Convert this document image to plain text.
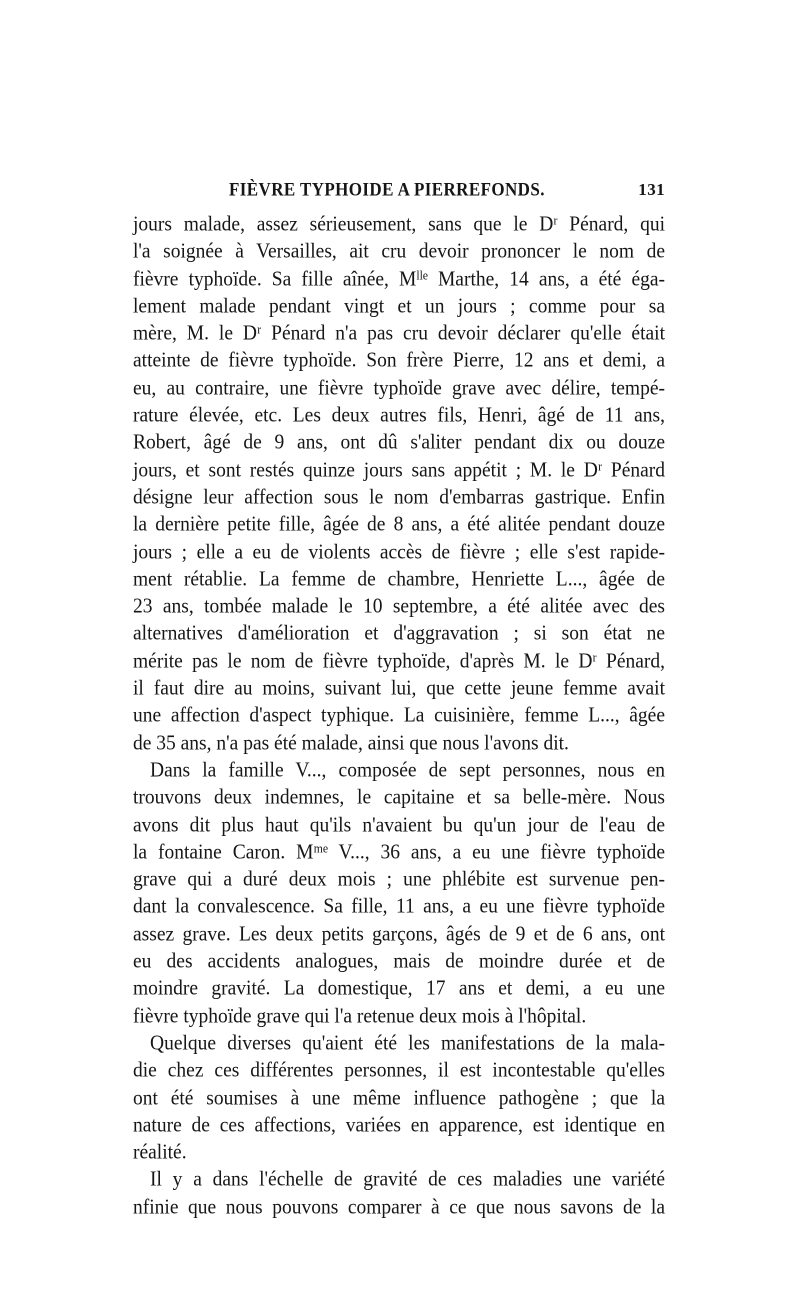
FIÈVRE TYPHOIDE A PIERREFONDS.	131
jours malade, assez sérieusement, sans que le Dʳ Pénard, qui
l'a soignée à Versailles, ait cru devoir prononcer le nom de
fièvre typhoïde. Sa fille aînée, Mˡˡᵉ Marthe, 14 ans, a été éga-
lement malade pendant vingt et un jours ; comme pour sa
mère, M. le Dʳ Pénard n'a pas cru devoir déclarer qu'elle était
atteinte de fièvre typhoïde. Son frère Pierre, 12 ans et demi, a
eu, au contraire, une fièvre typhoïde grave avec délire, tempé-
rature élevée, etc. Les deux autres fils, Henri, âgé de 11 ans,
Robert, âgé de 9 ans, ont dû s'aliter pendant dix ou douze
jours, et sont restés quinze jours sans appétit ; M. le Dʳ Pénard
désigne leur affection sous le nom d'embarras gastrique. Enfin
la dernière petite fille, âgée de 8 ans, a été alitée pendant douze
jours ; elle a eu de violents accès de fièvre ; elle s'est rapide-
ment rétablie. La femme de chambre, Henriette L..., âgée de
23 ans, tombée malade le 10 septembre, a été alitée avec des
alternatives d'amélioration et d'aggravation ; si son état ne
mérite pas le nom de fièvre typhoïde, d'après M. le Dʳ Pénard,
il faut dire au moins, suivant lui, que cette jeune femme avait
une affection d'aspect typhique. La cuisinière, femme L..., âgée
de 35 ans, n'a pas été malade, ainsi que nous l'avons dit.
Dans la famille V..., composée de sept personnes, nous en
trouvons deux indemnes, le capitaine et sa belle-mère. Nous
avons dit plus haut qu'ils n'avaient bu qu'un jour de l'eau de
la fontaine Caron. Mᵐᵉ V..., 36 ans, a eu une fièvre typhoïde
grave qui a duré deux mois ; une phlébite est survenue pen-
dant la convalescence. Sa fille, 11 ans, a eu une fièvre typhoïde
assez grave. Les deux petits garçons, âgés de 9 et de 6 ans, ont
eu des accidents analogues, mais de moindre durée et de
moindre gravité. La domestique, 17 ans et demi, a eu une
fièvre typhoïde grave qui l'a retenue deux mois à l'hôpital.
Quelque diverses qu'aient été les manifestations de la mala-
die chez ces différentes personnes, il est incontestable qu'elles
ont été soumises à une même influence pathogène ; que la
nature de ces affections, variées en apparence, est identique en
réalité.
Il y a dans l'échelle de gravité de ces maladies une variété
nfinie que nous pouvons comparer à ce que nous savons de la
